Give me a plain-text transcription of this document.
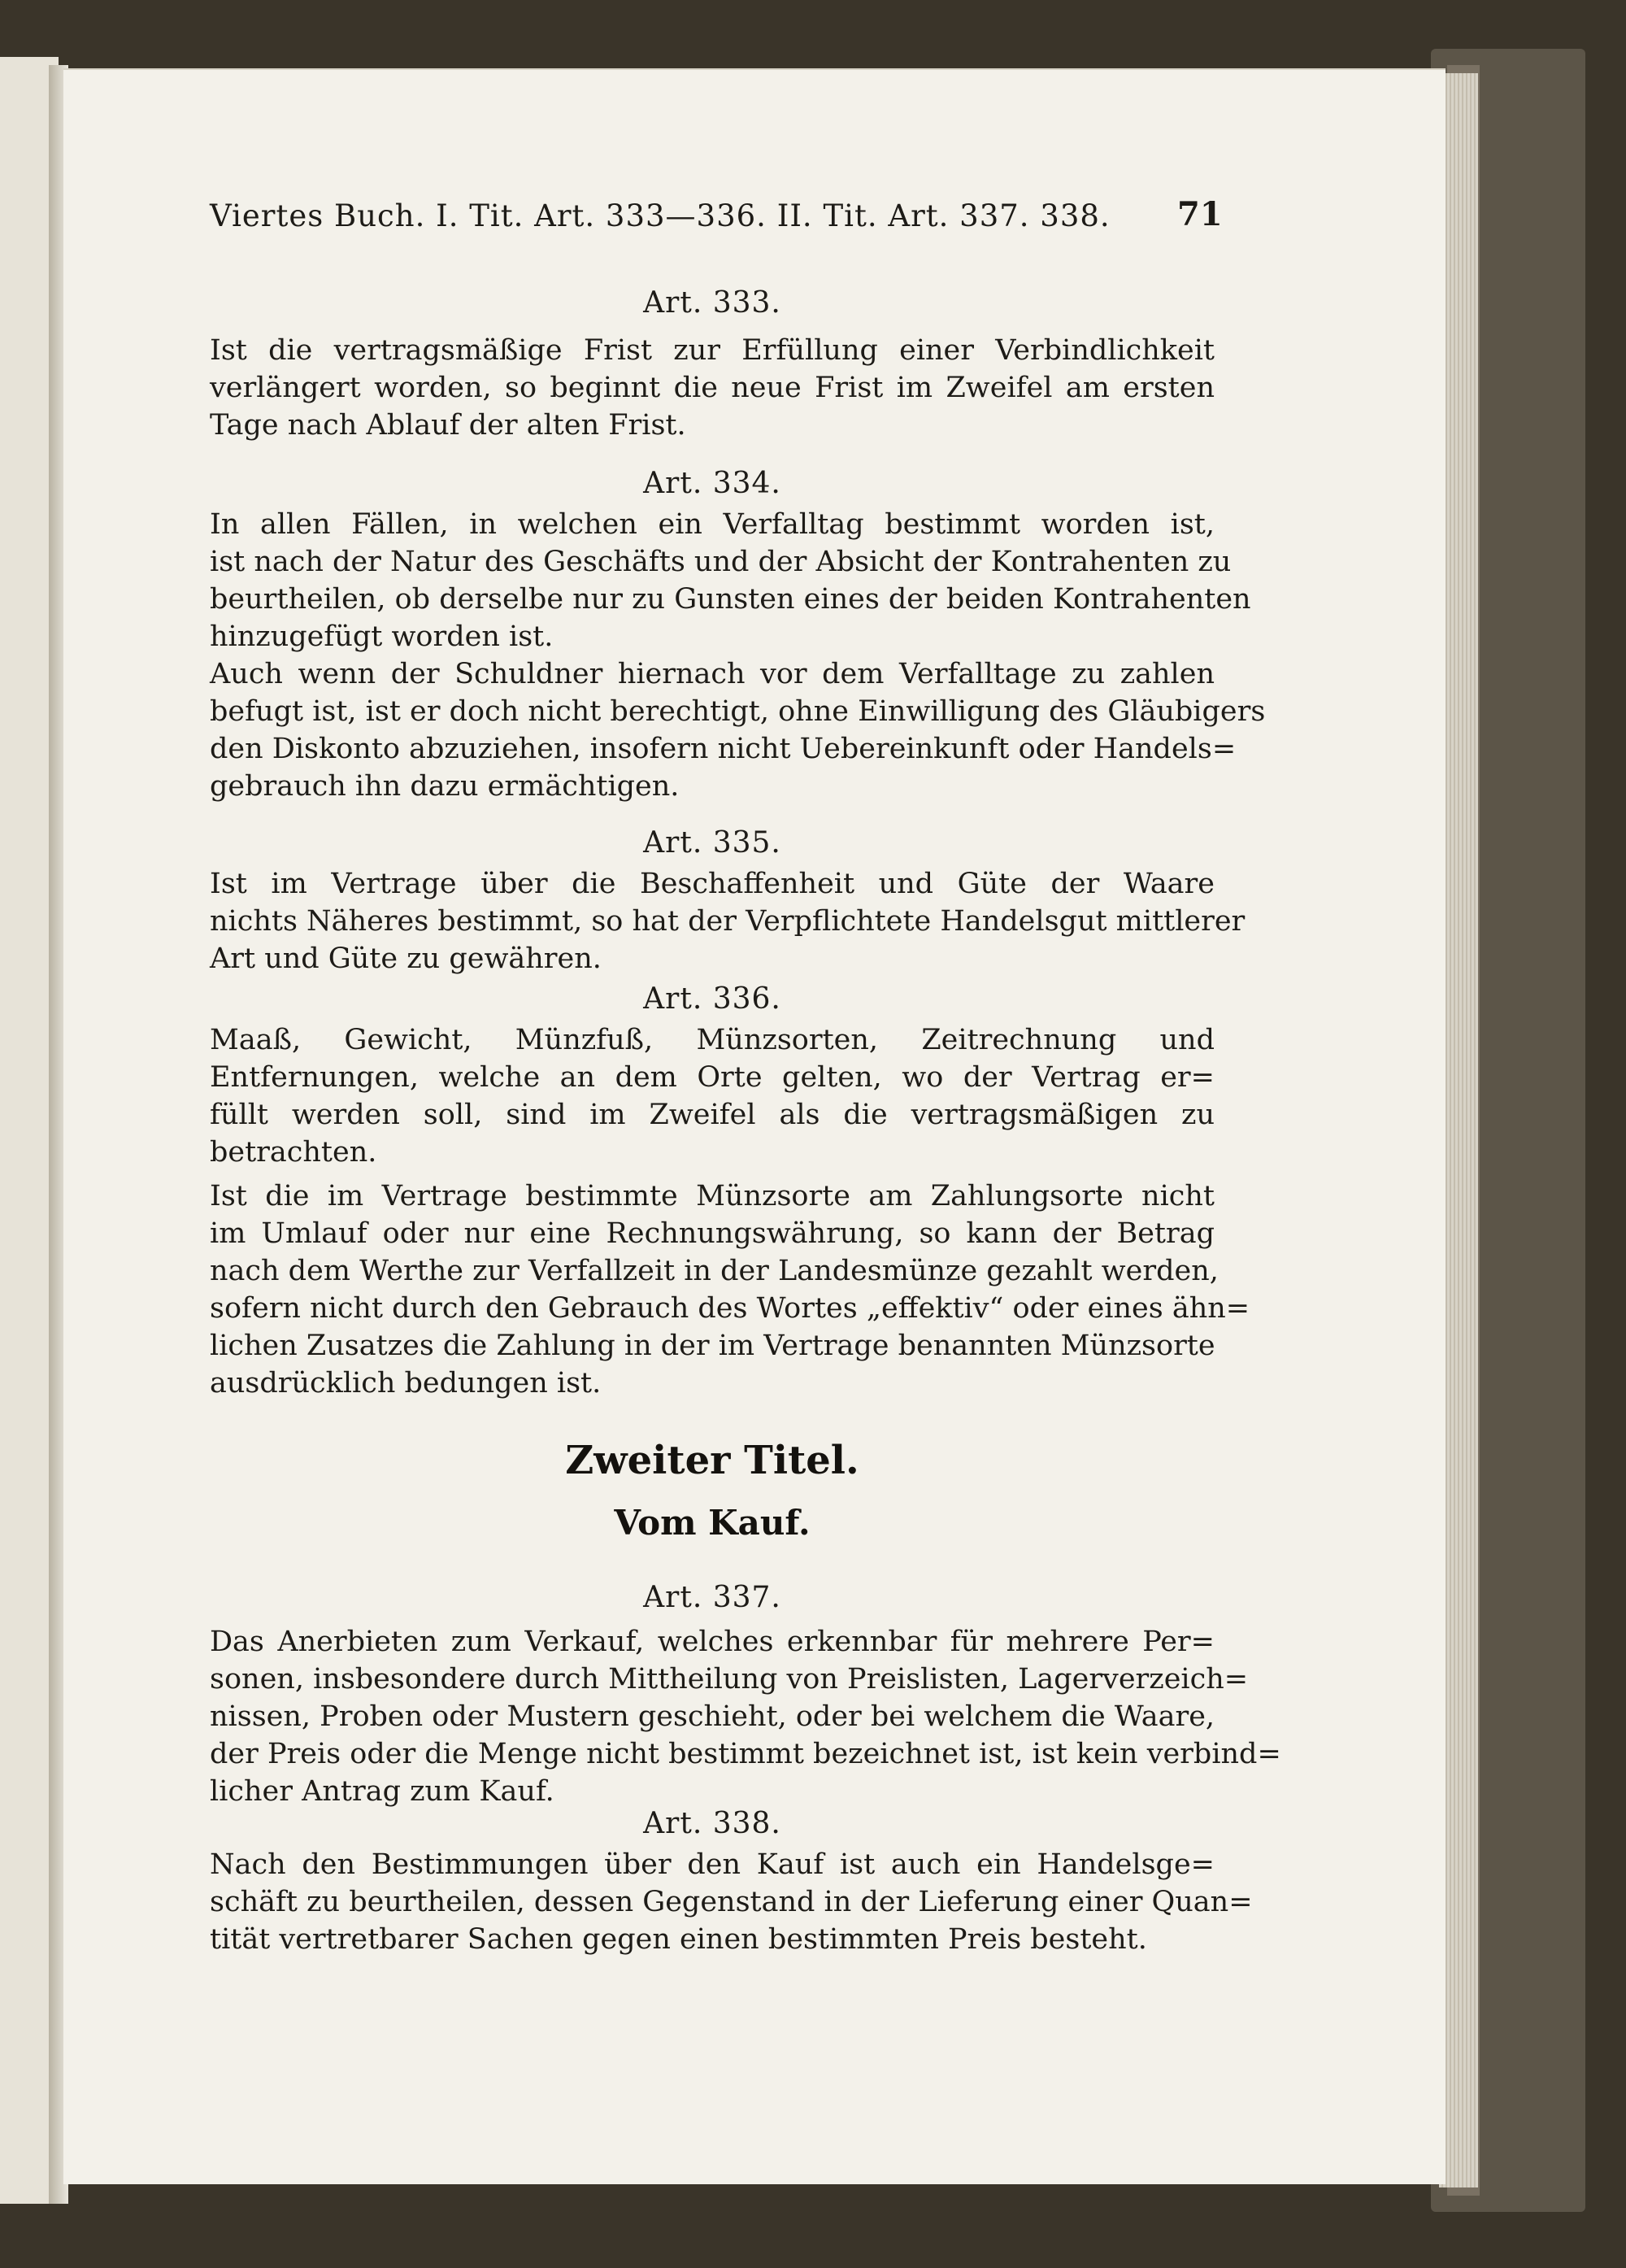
Viertes Buch. I. Tit. Art. 333—336. II. Tit. Art. 337. 338.	71
Art. 333.
Ist die vertragsmäßige Frist zur Erfüllung einer Verbindlichkeit
verlängert worden, so beginnt die neue Frist im Zweifel am ersten
Tage nach Ablauf der alten Frist.
Art. 334.
In allen Fällen, in welchen ein Verfalltag bestimmt worden ist,
ist nach der Natur des Geschäfts und der Absicht der Kontrahenten zu
beurtheilen, ob derselbe nur zu Gunsten eines der beiden Kontrahenten
hinzugefügt worden ist.
Auch wenn der Schuldner hiernach vor dem Verfalltage zu zahlen
befugt ist, ist er doch nicht berechtigt, ohne Einwilligung des Gläubigers
den Diskonto abzuziehen, insofern nicht Uebereinkunft oder Handels=
gebrauch ihn dazu ermächtigen.
Art. 335.
Ist im Vertrage über die Beschaffenheit und Güte der Waare
nichts Näheres bestimmt, so hat der Verpflichtete Handelsgut mittlerer
Art und Güte zu gewähren.
Art. 336.
Maaß, Gewicht, Münzfuß, Münzsorten, Zeitrechnung und
Entfernungen, welche an dem Orte gelten, wo der Vertrag er=
füllt werden soll, sind im Zweifel als die vertragsmäßigen zu
betrachten.
Ist die im Vertrage bestimmte Münzsorte am Zahlungsorte nicht
im Umlauf oder nur eine Rechnungswährung, so kann der Betrag
nach dem Werthe zur Verfallzeit in der Landesmünze gezahlt werden,
sofern nicht durch den Gebrauch des Wortes „effektiv“ oder eines ähn=
lichen Zusatzes die Zahlung in der im Vertrage benannten Münzsorte
ausdrücklich bedungen ist.
Zweiter Titel.
Vom Kauf.
Art. 337.
Das Anerbieten zum Verkauf, welches erkennbar für mehrere Per=
sonen, insbesondere durch Mittheilung von Preislisten, Lagerverzeich=
nissen, Proben oder Mustern geschieht, oder bei welchem die Waare,
der Preis oder die Menge nicht bestimmt bezeichnet ist, ist kein verbind=
licher Antrag zum Kauf.
Art. 338.
Nach den Bestimmungen über den Kauf ist auch ein Handelsge=
schäft zu beurtheilen, dessen Gegenstand in der Lieferung einer Quan=
tität vertretbarer Sachen gegen einen bestimmten Preis besteht.
